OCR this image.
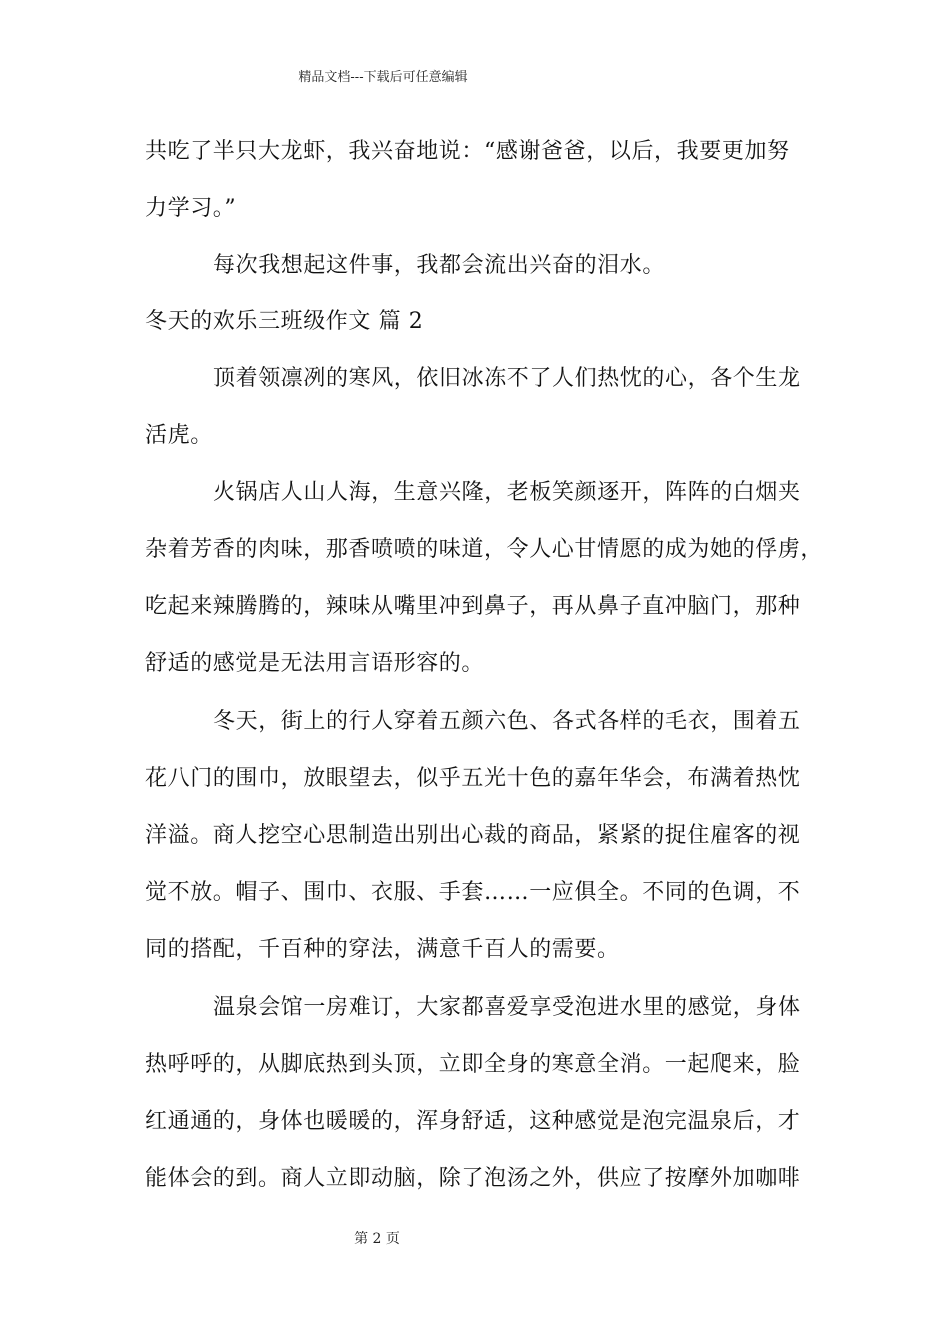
精品文档---下载后可任意编辑
共吃了半只大龙虾，我兴奋地说：“感谢爸爸，以后，我要更加努
力学习。”
每次我想起这件事，我都会流出兴奋的泪水。
冬天的欢乐三班级作文 篇 2
顶着领凛冽的寒风，依旧冰冻不了人们热忱的心，各个生龙
活虎。
火锅店人山人海，生意兴隆，老板笑颜逐开，阵阵的白烟夹
杂着芳香的肉味，那香喷喷的味道，令人心甘情愿的成为她的俘虏，
吃起来辣腾腾的，辣味从嘴里冲到鼻子，再从鼻子直冲脑门，那种
舒适的感觉是无法用言语形容的。
冬天，街上的行人穿着五颜六色、各式各样的毛衣，围着五
花八门的围巾，放眼望去，似乎五光十色的嘉年华会，布满着热忱
洋溢。商人挖空心思制造出别出心裁的商品，紧紧的捉住雇客的视
觉不放。帽子、围巾、衣服、手套……一应俱全。不同的色调，不
同的搭配，千百种的穿法，满意千百人的需要。
温泉会馆一房难订，大家都喜爱享受泡进水里的感觉，身体
热呼呼的，从脚底热到头顶，立即全身的寒意全消。一起爬来，脸
红通通的，身体也暖暖的，浑身舒适，这种感觉是泡完温泉后，才
能体会的到。商人立即动脑，除了泡汤之外，供应了按摩外加咖啡
第 2 页
